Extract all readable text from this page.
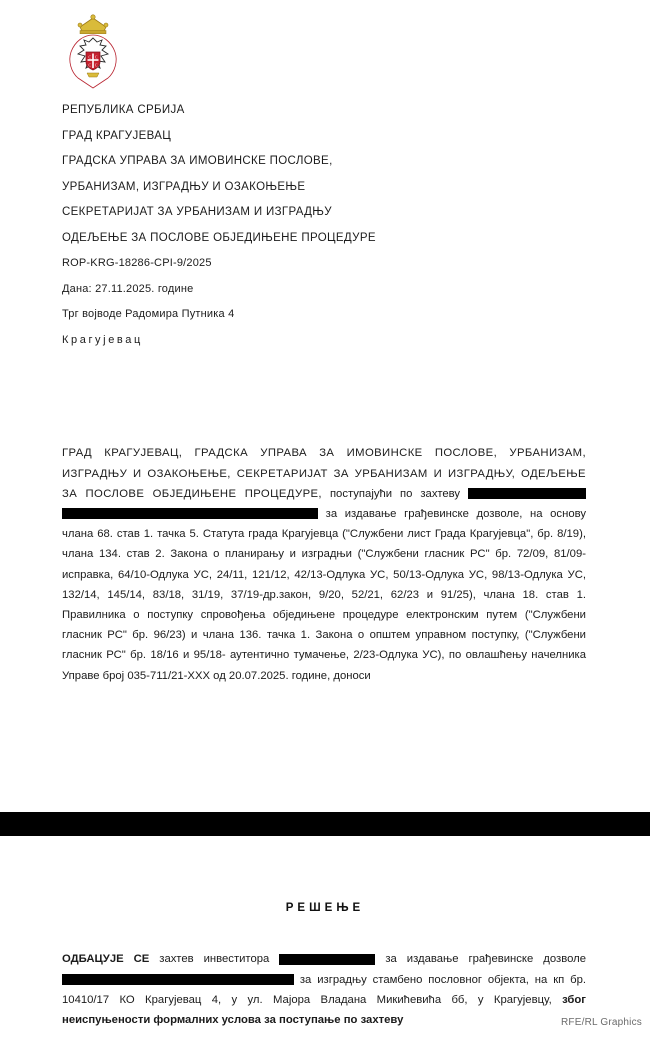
C C
C C
РЕПУБЛИКА СРБИЈА
ГРАД КРАГУЈЕВАЦ
ГРАДСКА УПРАВА ЗА ИМОВИНСКЕ ПОСЛОВЕ,
УРБАНИЗАМ, ИЗГРАДЊУ И ОЗАКОЊЕЊЕ
СЕКРЕТАРИЈАТ ЗА УРБАНИЗАМ И ИЗГРАДЊУ
ОДЕЉЕЊЕ ЗА ПОСЛОВЕ ОБЈЕДИЊЕНЕ ПРОЦЕДУРЕ
ROP-KRG-18286-CPI-9/2025
Дана: 27.11.2025. године
Трг војводе Радомира Путника 4
Крагујевац

ГРАД КРАГУЈЕВАЦ, ГРАДСКА УПРАВА ЗА ИМОВИНСКЕ ПОСЛОВЕ, УРБАНИЗАМ, ИЗГРАДЊУ И ОЗАКОЊЕЊЕ, СЕКРЕТАРИЈАТ ЗА УРБАНИЗАМ И ИЗГРАДЊУ, ОДЕЉЕЊЕ ЗА ПОСЛОВЕ ОБЈЕДИЊЕНЕ ПРОЦЕДУРЕ, поступајући по захтеву  за издавање грађевинске дозволе, на основу члана 68. став 1. тачка 5. Статута града Крагујевца ("Службени лист Града Крагујевца", бр. 8/19), члана 134. став 2. Закона о планирању и изградњи ("Службени гласник РС" бр. 72/09, 81/09- исправка, 64/10-Одлука УС, 24/11, 121/12, 42/13-Одлука УС, 50/13-Одлука УС, 98/13-Одлука УС, 132/14, 145/14, 83/18, 31/19, 37/19-др.закон, 9/20, 52/21, 62/23 и 91/25), члана 18. став 1. Правилника о поступку спровођења обједињене процедуре електронским путем ("Службени гласник РС" бр. 96/23) и члана 136. тачка 1. Закона о општем управном поступку, ("Службени гласник РС" бр. 18/16 и 95/18- аутентично тумачење, 2/23-Одлука УС), по овлашћењу начелника Управе број 035-711/21-XXX од 20.07.2025. године, доноси

РЕШЕЊЕ

ОДБАЦУЈЕ СЕ захтев инвеститора	за издавање грађевинске дозволе  за изградњу стамбено пословног објекта, на кп бр. 10410/17 КО Крагујевац 4, у ул. Мајора Владана Микићевића бб, у Крагујевцу, због неиспуњености формалних услова за поступање по захтеву	RFE/RL Graphics
